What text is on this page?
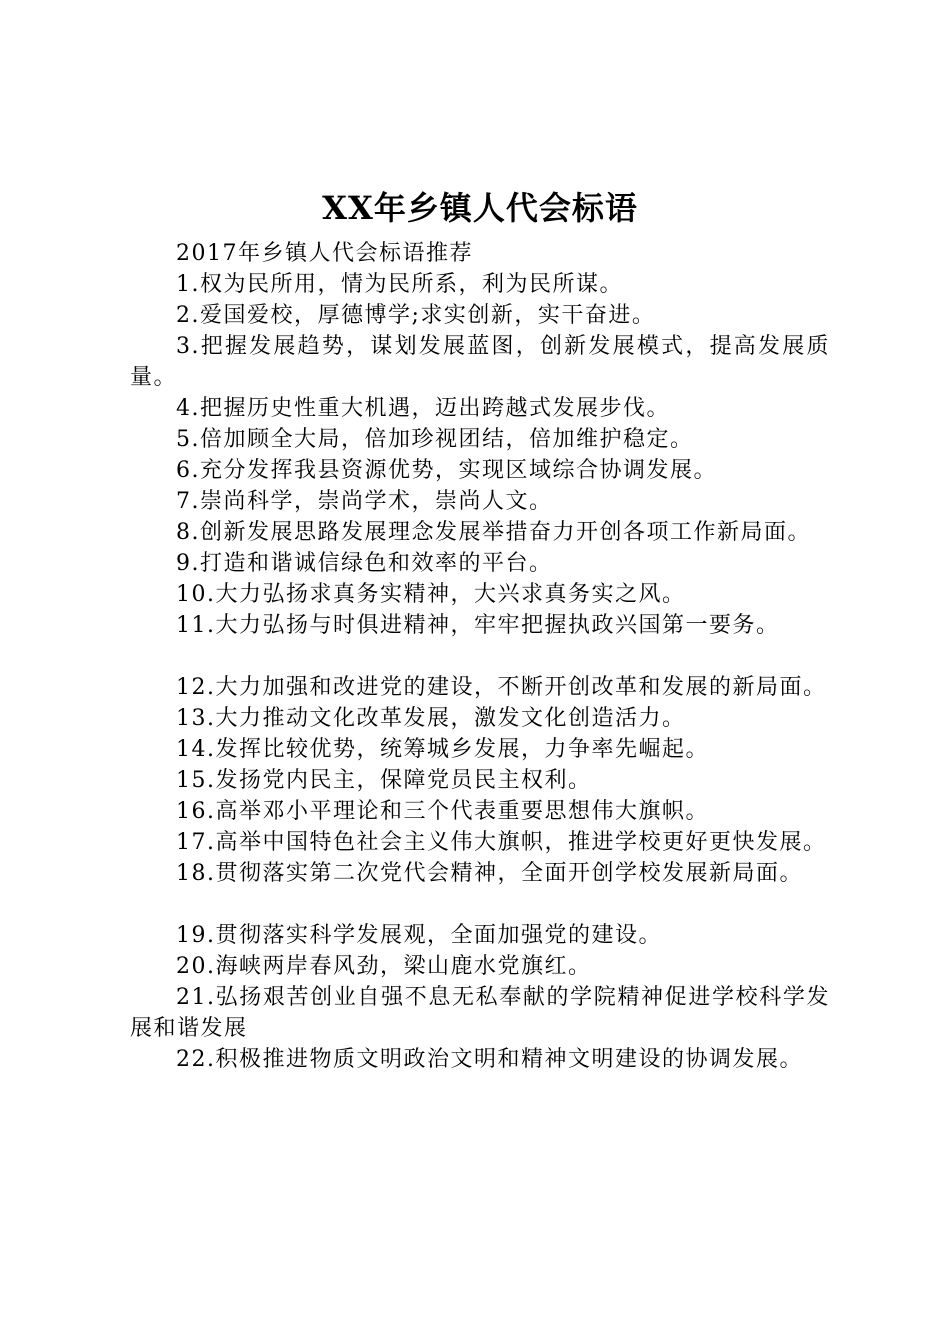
XX年乡镇人代会标语

2017年乡镇人代会标语推荐

1.权为民所用，情为民所系，利为民所谋。

2.爱国爱校，厚德博学;求实创新，实干奋进。

3.把握发展趋势，谋划发展蓝图，创新发展模式，提高发展质量。

4.把握历史性重大机遇，迈出跨越式发展步伐。

5.倍加顾全大局，倍加珍视团结，倍加维护稳定。

6.充分发挥我县资源优势，实现区域综合协调发展。

7.崇尚科学，崇尚学术，崇尚人文。

8.创新发展思路发展理念发展举措奋力开创各项工作新局面。

9.打造和谐诚信绿色和效率的平台。

10.大力弘扬求真务实精神，大兴求真务实之风。

11.大力弘扬与时俱进精神，牢牢把握执政兴国第一要务。

12.大力加强和改进党的建设，不断开创改革和发展的新局面。

13.大力推动文化改革发展，激发文化创造活力。

14.发挥比较优势，统筹城乡发展，力争率先崛起。

15.发扬党内民主，保障党员民主权利。

16.高举邓小平理论和三个代表重要思想伟大旗帜。

17.高举中国特色社会主义伟大旗帜，推进学校更好更快发展。

18.贯彻落实第二次党代会精神，全面开创学校发展新局面。

19.贯彻落实科学发展观，全面加强党的建设。

20.海峡两岸春风劲，梁山鹿水党旗红。

21.弘扬艰苦创业自强不息无私奉献的学院精神促进学校科学发展和谐发展

22.积极推进物质文明政治文明和精神文明建设的协调发展。
